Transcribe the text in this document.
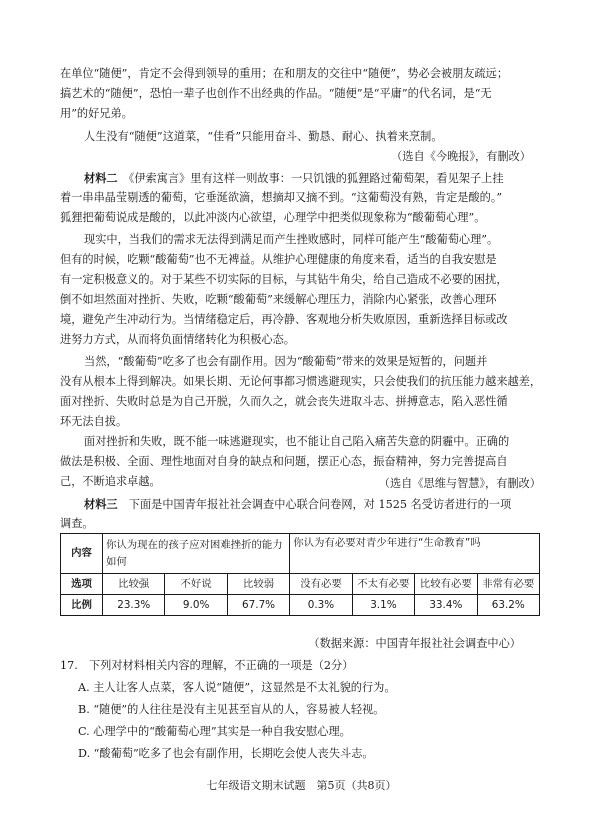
在单位“随便”，肯定不会得到领导的重用；在和朋友的交往中“随便”，势必会被朋友疏远；
搞艺术的“随便”，恐怕一辈子也创作不出经典的作品。“随便”是“平庸”的代名词，是“无
用”的好兄弟。
人生没有“随便”这道菜，“佳肴”只能用奋斗、勤恳、耐心、执着来烹制。
（选自《今晚报》，有删改）
材料二　 《伊索寓言》里有这样一则故事：一只饥饿的狐狸路过葡萄架，看见架子上挂
着一串串晶莹剔透的葡萄，它垂涎欲滴，想摘却又摘不到。“这葡萄没有熟，肯定是酸的。”
狐狸把葡萄说成是酸的，以此冲淡内心欲望，心理学中把类似现象称为“酸葡萄心理”。
现实中，当我们的需求无法得到满足而产生挫败感时，同样可能产生“酸葡萄心理”。
但有的时候，吃颗“酸葡萄”也不无裨益。从维护心理健康的角度来看，适当的自我安慰是
有一定积极意义的。对于某些不切实际的目标，与其钻牛角尖，给自己造成不必要的困扰，
倒不如坦然面对挫折、失败，吃颗“酸葡萄”来缓解心理压力，消除内心紧张，改善心理环
境，避免产生冲动行为。当情绪稳定后，再冷静、客观地分析失败原因，重新选择目标或改
进努力方式，从而将负面情绪转化为积极心态。
当然，“酸葡萄”吃多了也会有副作用。因为“酸葡萄”带来的效果是短暂的，问题并
没有从根本上得到解决。如果长期、无论何事都习惯逃避现实，只会使我们的抗压能力越来越差，
面对挫折、失败时总是为自己开脱，久而久之，就会丧失进取斗志、拼搏意志，陷入恶性循
环无法自拔。
面对挫折和失败，既不能一味逃避现实，也不能让自己陷入痛苦失意的阴霾中。正确的
做法是积极、全面、理性地面对自身的缺点和问题，摆正心态，振奋精神，努力完善提高自
己，不断追求卓越。	（选自《思维与智慧》，有删改）
材料三　 下面是中国青年报社社会调查中心联合问卷网，对 1525 名受访者进行的一项
调查。
内容	你认为现在的孩子应对困难挫折的能力如何			你认为有必要对青少年进行“生命教育”吗			
选项	比较强	不好说	比较弱	没有必要	不太有必要	比较有必要	非常有必要
比例	23.3%	9.0%	67.7%	0.3%	3.1%	33.4%	63.2%
（数据来源：中国青年报社社会调查中心）
17.　下列对材料相关内容的理解，不正确的一项是（2分）
A. 主人让客人点菜，客人说“随便”，这显然是不太礼貌的行为。
B. “随便”的人往往是没有主见甚至盲从的人，容易被人轻视。
C. 心理学中的“酸葡萄心理”其实是一种自我安慰心理。
D. “酸葡萄”吃多了也会有副作用，长期吃会使人丧失斗志。
七年级语文期末试题　第5页（共8页）
